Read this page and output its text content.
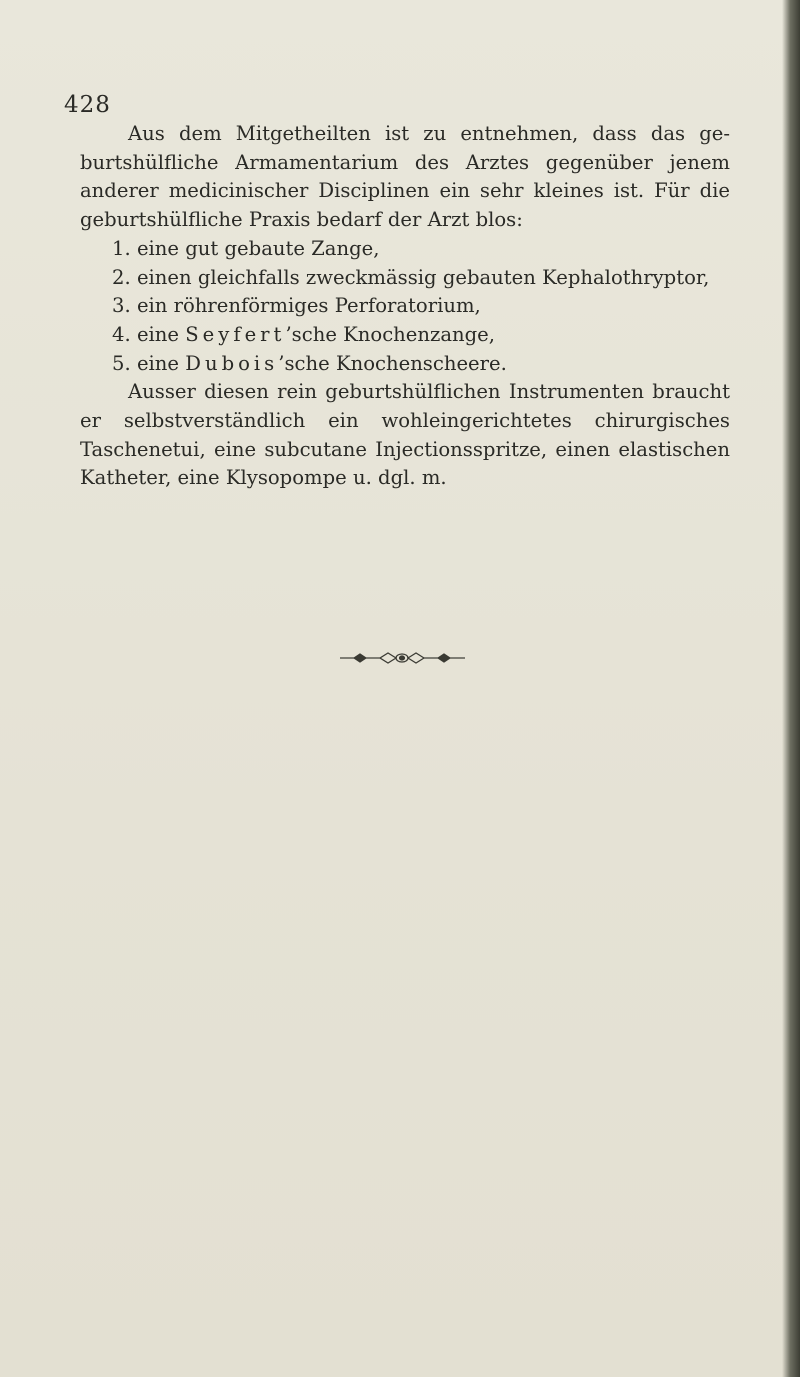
428
Aus dem Mitgetheilten ist zu entnehmen, dass das ge-
burtshülfliche Armamentarium des Arztes gegenüber jenem
anderer medicinischer Disciplinen ein sehr kleines ist. Für die
geburtshülfliche Praxis bedarf der Arzt blos:
1. eine gut gebaute Zange,
2. einen gleichfalls zweckmässig gebauten Kephalothryptor,
3. ein röhrenförmiges Perforatorium,
4. eine Seyfert’sche Knochenzange,
5. eine Dubois’sche Knochenscheere.
Ausser diesen rein geburtshülflichen Instrumenten braucht
er selbstverständlich ein wohleingerichtetes chirurgisches
Taschenetui, eine subcutane Injectionsspritze, einen elastischen
Katheter, eine Klysopompe u. dgl. m.
